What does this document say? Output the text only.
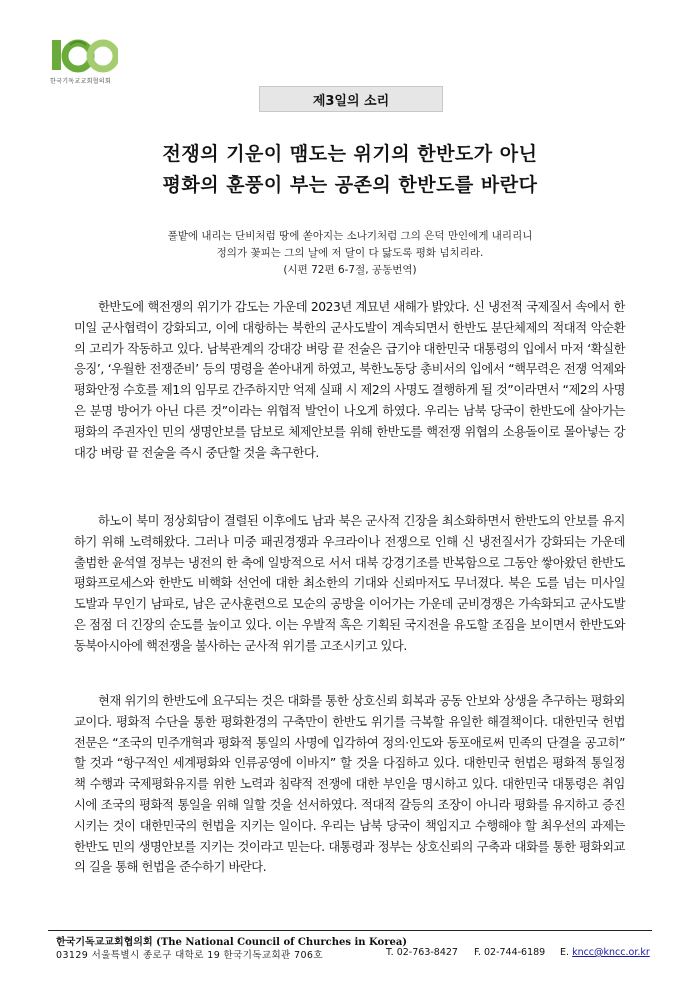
한국기독교교회협의회
제3일의 소리
전쟁의 기운이 맴도는 위기의 한반도가 아닌
평화의 훈풍이 부는 공존의 한반도를 바란다
풀밭에 내리는 단비처럼 땅에 쏟아지는 소나기처럼 그의 은덕 만인에게 내리리니
정의가 꽃피는 그의 날에 저 달이 다 닳도록 평화 넘치리라.
(시편 72편 6-7절, 공동번역)

한반도에 핵전쟁의 위기가 감도는 가운데 2023년 계묘년 새해가 밝았다. 신 냉전적 국제질서 속에서 한미일 군사협력이 강화되고, 이에 대항하는 북한의 군사도발이 계속되면서 한반도 분단체제의 적대적 악순환의 고리가 작동하고 있다. 남북관계의 강대강 벼랑 끝 전술은 급기야 대한민국 대통령의 입에서 마저 ‘확실한 응징’, ‘우월한 전쟁준비’ 등의 명령을 쏟아내게 하였고, 북한노동당 총비서의 입에서 “핵무력은 전쟁 억제와 평화안정 수호를 제1의 임무로 간주하지만 억제 실패 시 제2의 사명도 결행하게 될 것”이라면서 “제2의 사명은 분명 방어가 아닌 다른 것”이라는 위협적 발언이 나오게 하였다. 우리는 남북 당국이 한반도에 살아가는 평화의 주권자인 민의 생명안보를 담보로 체제안보를 위해 한반도를 핵전쟁 위협의 소용돌이로 몰아넣는 강대강 벼랑 끝 전술을 즉시 중단할 것을 촉구한다.

하노이 북미 정상회담이 결렬된 이후에도 남과 북은 군사적 긴장을 최소화하면서 한반도의 안보를 유지하기 위해 노력해왔다. 그러나 미중 패권경쟁과 우크라이나 전쟁으로 인해 신 냉전질서가 강화되는 가운데 출범한 윤석열 정부는 냉전의 한 축에 일방적으로 서서 대북 강경기조를 반복함으로 그동안 쌓아왔던 한반도 평화프로세스와 한반도 비핵화 선언에 대한 최소한의 기대와 신뢰마저도 무너졌다. 북은 도를 넘는 미사일 도발과 무인기 남파로, 남은 군사훈련으로 모순의 공방을 이어가는 가운데 군비경쟁은 가속화되고 군사도발은 점점 더 긴장의 순도를 높이고 있다. 이는 우발적 혹은 기획된 국지전을 유도할 조짐을 보이면서 한반도와 동북아시아에 핵전쟁을 불사하는 군사적 위기를 고조시키고 있다.

현재 위기의 한반도에 요구되는 것은 대화를 통한 상호신뢰 회복과 공동 안보와 상생을 추구하는 평화외교이다. 평화적 수단을 통한 평화환경의 구축만이 한반도 위기를 극복할 유일한 해결책이다. 대한민국 헌법 전문은 “조국의 민주개혁과 평화적 통일의 사명에 입각하여 정의·인도와 동포애로써 민족의 단결을 공고히” 할 것과 “항구적인 세계평화와 인류공영에 이바지” 할 것을 다짐하고 있다. 대한민국 헌법은 평화적 통일정책 수행과 국제평화유지를 위한 노력과 침략적 전쟁에 대한 부인을 명시하고 있다. 대한민국 대통령은 취임 시에 조국의 평화적 통일을 위해 일할 것을 선서하였다. 적대적 갈등의 조장이 아니라 평화를 유지하고 증진시키는 것이 대한민국의 헌법을 지키는 일이다. 우리는 남북 당국이 책임지고 수행해야 할 최우선의 과제는 한반도 민의 생명안보를 지키는 것이라고 믿는다. 대통령과 정부는 상호신뢰의 구축과 대화를 통한 평화외교의 길을 통해 헌법을 준수하기 바란다.

한국기독교교회협의회 (The National Council of Churches in Korea)
03129 서울특별시 종로구 대학로 19 한국기독교회관 706호	T. 02-763-8427 F. 02-744-6189 E. kncc@kncc.or.kr
